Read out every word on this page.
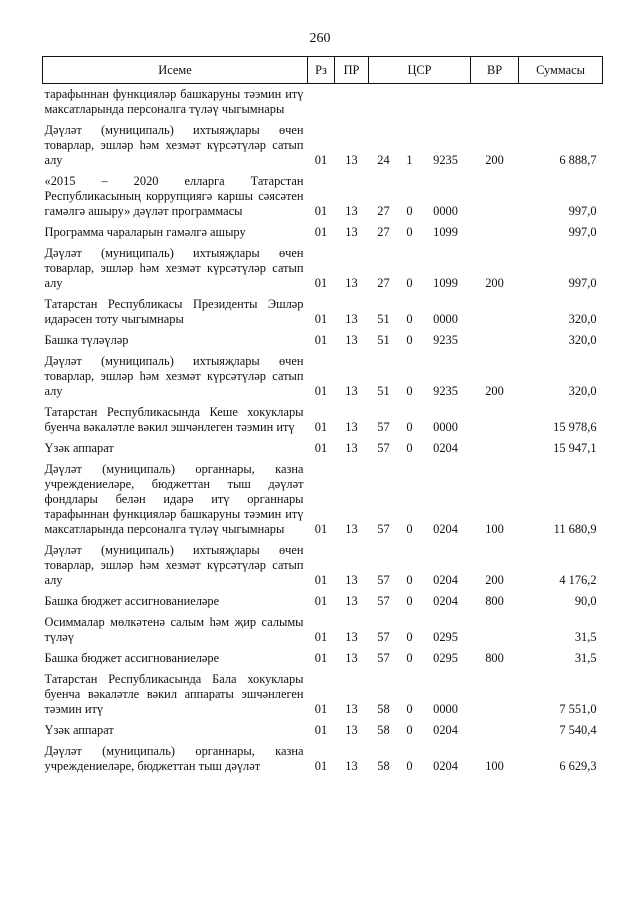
260
Исеме	Рз	ПР	ЦСР			ВР	Суммасы
тарафыннан функцияләр башкаруны тәэмин итү максатларында персоналга түләү чыгымнары							
Дәүләт (муниципаль) ихтыяҗлары өчен товарлар, эшләр һәм хезмәт күрсәтүләр сатып алу	01	13	24	1	9235	200	6 888,7
«2015 – 2020 елларга Татарстан Республикасының коррупциягә каршы сәясәтен гамәлгә ашыру» дәүләт программасы	01	13	27	0	0000		997,0
Программа чараларын гамәлгә ашыру	01	13	27	0	1099		997,0
Дәүләт (муниципаль) ихтыяҗлары өчен товарлар, эшләр һәм хезмәт күрсәтүләр сатып алу	01	13	27	0	1099	200	997,0
Татарстан Республикасы Президенты Эшләр идарәсен тоту чыгымнары	01	13	51	0	0000		320,0
Башка түләүләр	01	13	51	0	9235		320,0
Дәүләт (муниципаль) ихтыяҗлары өчен товарлар, эшләр һәм хезмәт күрсәтүләр сатып алу	01	13	51	0	9235	200	320,0
Татарстан Республикасында Кеше хокуклары буенча вәкаләтле вәкил эшчәнлеген тәэмин итү	01	13	57	0	0000		15 978,6
Үзәк аппарат	01	13	57	0	0204		15 947,1
Дәүләт (муниципаль) органнары, казна учреждениеләре, бюджеттан тыш дәүләт фондлары белән идарә итү органнары тарафыннан функцияләр башкаруны тәэмин итү максатларында персоналга түләү чыгымнары	01	13	57	0	0204	100	11 680,9
Дәүләт (муниципаль) ихтыяҗлары өчен товарлар, эшләр һәм хезмәт күрсәтүләр сатып алу	01	13	57	0	0204	200	4 176,2
Башка бюджет ассигнованиеләре	01	13	57	0	0204	800	90,0
Осиммалар мөлкәтенә салым һәм җир салымы түләү	01	13	57	0	0295		31,5
Башка бюджет ассигнованиеләре	01	13	57	0	0295	800	31,5
Татарстан Республикасында Бала хокуклары буенча вәкаләтле вәкил аппараты эшчәнлеген тәэмин итү	01	13	58	0	0000		7 551,0
Үзәк аппарат	01	13	58	0	0204		7 540,4
Дәүләт (муниципаль) органнары, казна учреждениеләре, бюджеттан тыш дәүләт	01	13	58	0	0204	100	6 629,3
